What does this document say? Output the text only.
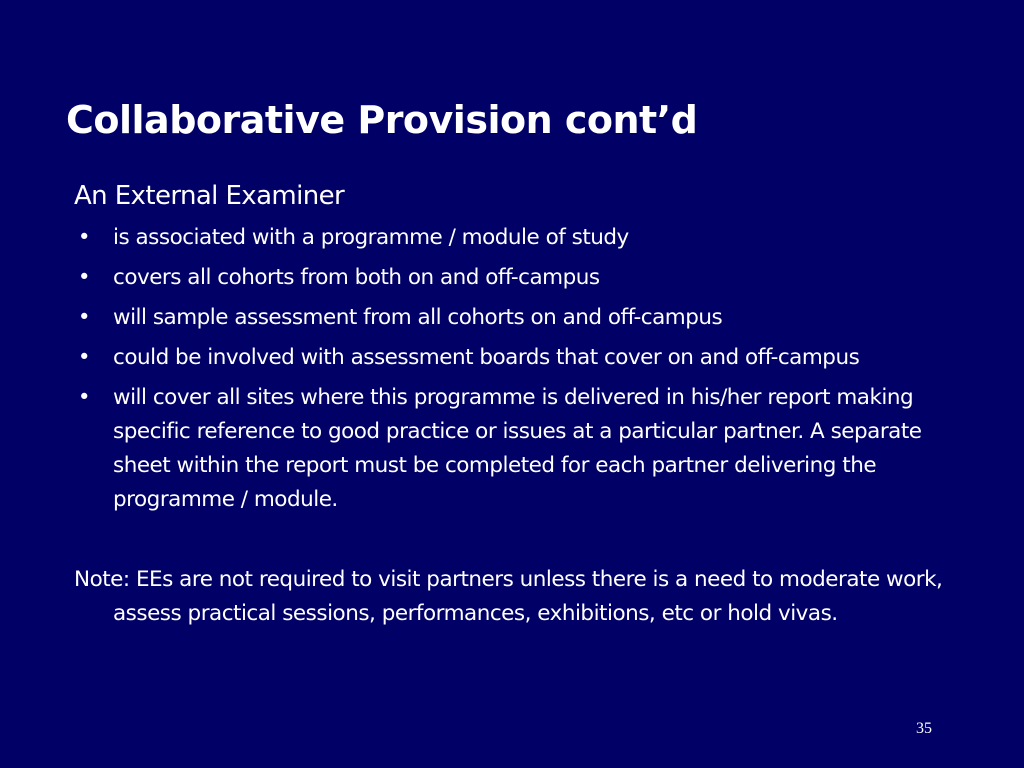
Collaborative Provision cont’d
An External Examiner
• is associated with a programme / module of study
• covers all cohorts from both on and off-campus
• will sample assessment from all cohorts on and off-campus
• could be involved with assessment boards that cover on and off-campus
• will cover all sites where this programme is delivered in his/her report making specific reference to good practice or issues at a particular partner. A separate sheet within the report must be completed for each partner delivering the programme / module.
Note: EEs are not required to visit partners unless there is a need to moderate work, assess practical sessions, performances, exhibitions, etc or hold vivas.
35
